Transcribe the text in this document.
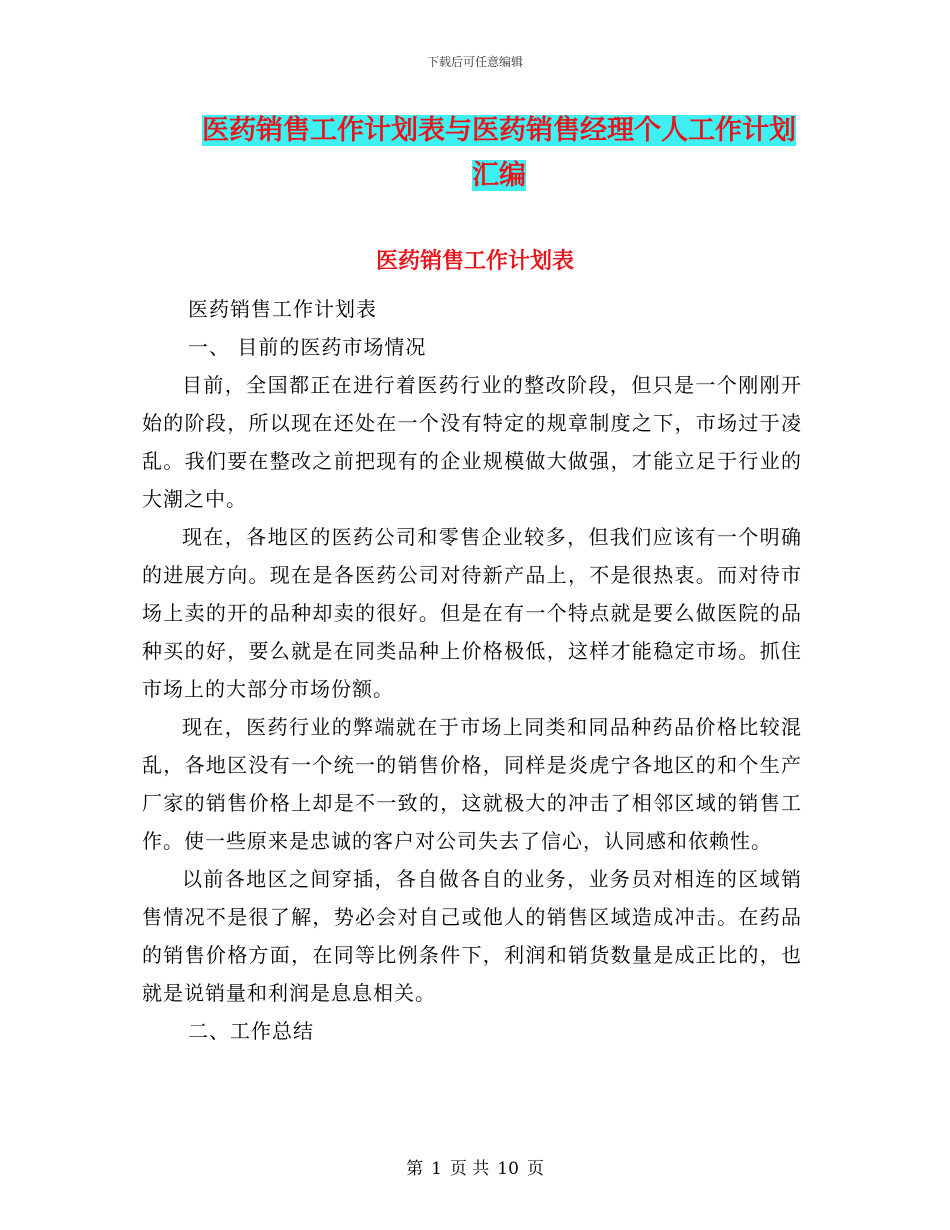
下载后可任意编辑
医药销售工作计划表与医药销售经理个人工作计划汇编
医药销售工作计划表

医药销售工作计划表

一、 目前的医药市场情况

目前，全国都正在进行着医药行业的整改阶段，但只是一个刚刚开始的阶段，所以现在还处在一个没有特定的规章制度之下，市场过于凌乱。我们要在整改之前把现有的企业规模做大做强，才能立足于行业的大潮之中。

现在，各地区的医药公司和零售企业较多，但我们应该有一个明确的进展方向。现在是各医药公司对待新产品上，不是很热衷。而对待市场上卖的开的品种却卖的很好。但是在有一个特点就是要么做医院的品种买的好，要么就是在同类品种上价格极低，这样才能稳定市场。抓住市场上的大部分市场份额。

现在，医药行业的弊端就在于市场上同类和同品种药品价格比较混乱，各地区没有一个统一的销售价格，同样是炎虎宁各地区的和个生产厂家的销售价格上却是不一致的，这就极大的冲击了相邻区域的销售工作。使一些原来是忠诚的客户对公司失去了信心，认同感和依赖性。

以前各地区之间穿插，各自做各自的业务，业务员对相连的区域销售情况不是很了解，势必会对自己或他人的销售区域造成冲击。在药品的销售价格方面，在同等比例条件下，利润和销货数量是成正比的，也就是说销量和利润是息息相关。

二、工作总结

第 1 页 共 10 页
